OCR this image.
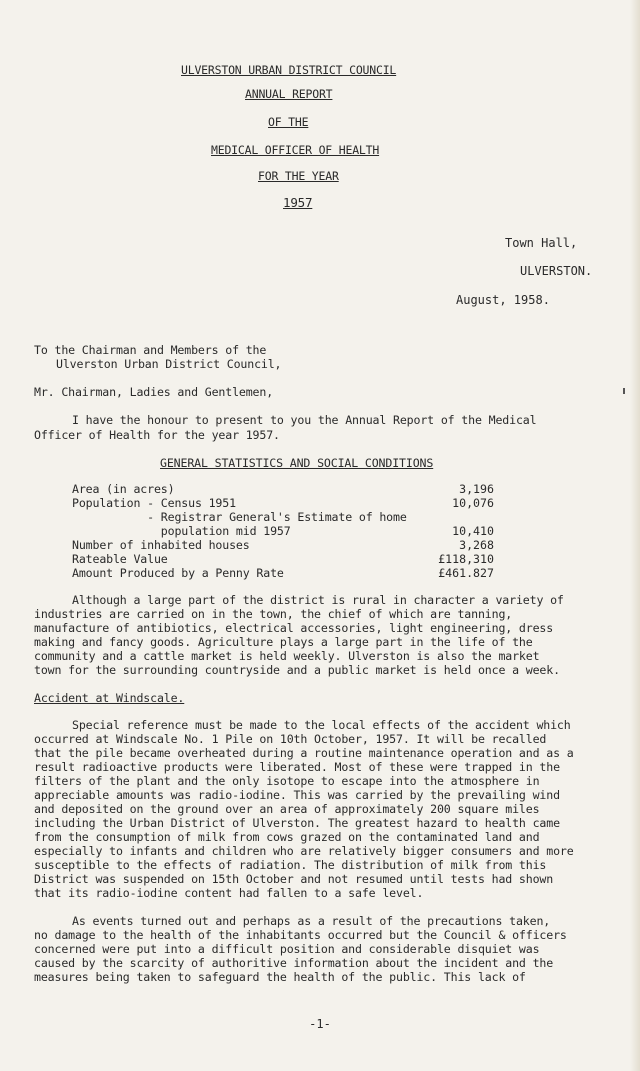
ULVERSTON URBAN DISTRICT COUNCIL
ANNUAL REPORT
OF THE
MEDICAL OFFICER OF HEALTH
FOR THE YEAR
1957
Town Hall,
ULVERSTON.
August, 1958.
To the Chairman and Members of the
Ulverston Urban District Council,
Mr. Chairman, Ladies and Gentlemen,
I have the honour to present to you the Annual Report of the Medical
Officer of Health for the year 1957.
GENERAL STATISTICS AND SOCIAL CONDITIONS
Area (in acres)	3,196
Population - Census 1951	10,076
- Registrar General's Estimate of home
population mid 1957	10,410
Number of inhabited houses	3,268
Rateable Value	£118,310
Amount Produced by a Penny Rate	£461.827
Although a large part of the district is rural in character a variety of
industries are carried on in the town, the chief of which are tanning,
manufacture of antibiotics, electrical accessories, light engineering, dress
making and fancy goods. Agriculture plays a large part in the life of the
community and a cattle market is held weekly. Ulverston is also the market
town for the surrounding countryside and a public market is held once a week.
Accident at Windscale.
Special reference must be made to the local effects of the accident which
occurred at Windscale No. 1 Pile on 10th October, 1957. It will be recalled
that the pile became overheated during a routine maintenance operation and as a
result radioactive products were liberated. Most of these were trapped in the
filters of the plant and the only isotope to escape into the atmosphere in
appreciable amounts was radio-iodine. This was carried by the prevailing wind
and deposited on the ground over an area of approximately 200 square miles
including the Urban District of Ulverston. The greatest hazard to health came
from the consumption of milk from cows grazed on the contaminated land and
especially to infants and children who are relatively bigger consumers and more
susceptible to the effects of radiation. The distribution of milk from this
District was suspended on 15th October and not resumed until tests had shown
that its radio-iodine content had fallen to a safe level.
As events turned out and perhaps as a result of the precautions taken,
no damage to the health of the inhabitants occurred but the Council & officers
concerned were put into a difficult position and considerable disquiet was
caused by the scarcity of authoritive information about the incident and the
measures being taken to safeguard the health of the public. This lack of
-1-
